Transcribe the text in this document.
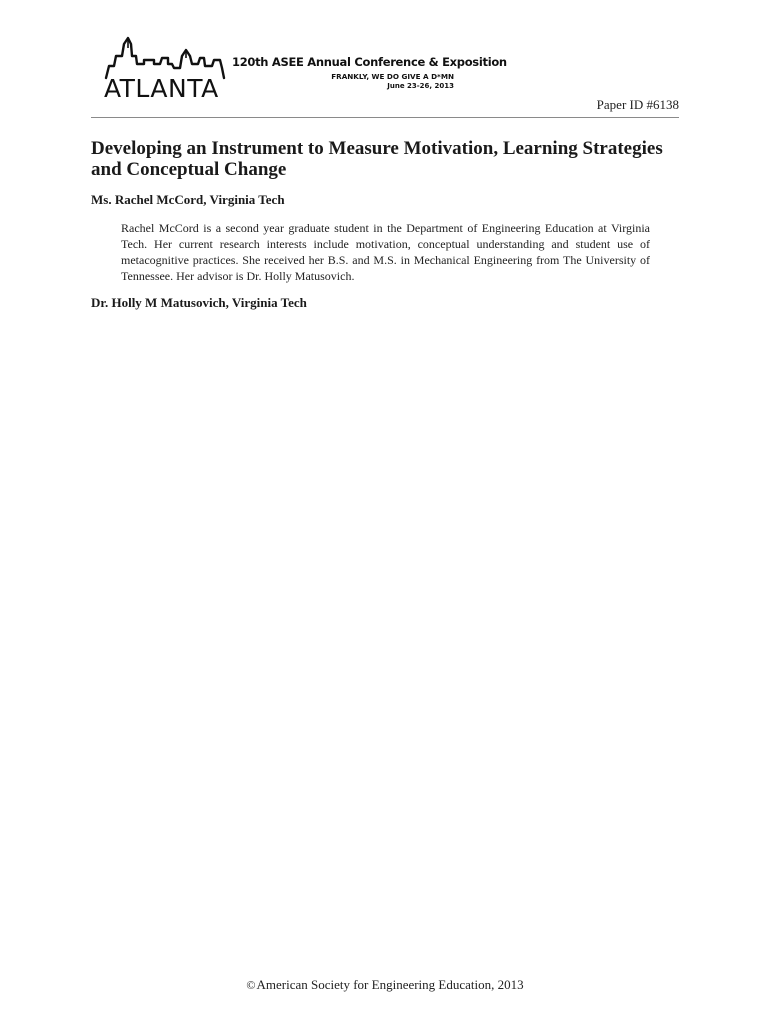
ATLANTA
120th ASEE Annual Conference & Exposition
FRANKLY, WE DO GIVE A D*MN
June 23-26, 2013
Paper ID #6138
Developing an Instrument to Measure Motivation, Learning Strategies and Conceptual Change
Ms. Rachel McCord, Virginia Tech
Rachel McCord is a second year graduate student in the Department of Engineering Education at Virginia Tech. Her current research interests include motivation, conceptual understanding and student use of metacognitive practices. She received her B.S. and M.S. in Mechanical Engineering from The University of Tennessee. Her advisor is Dr. Holly Matusovich.
Dr. Holly M Matusovich, Virginia Tech
©American Society for Engineering Education, 2013
